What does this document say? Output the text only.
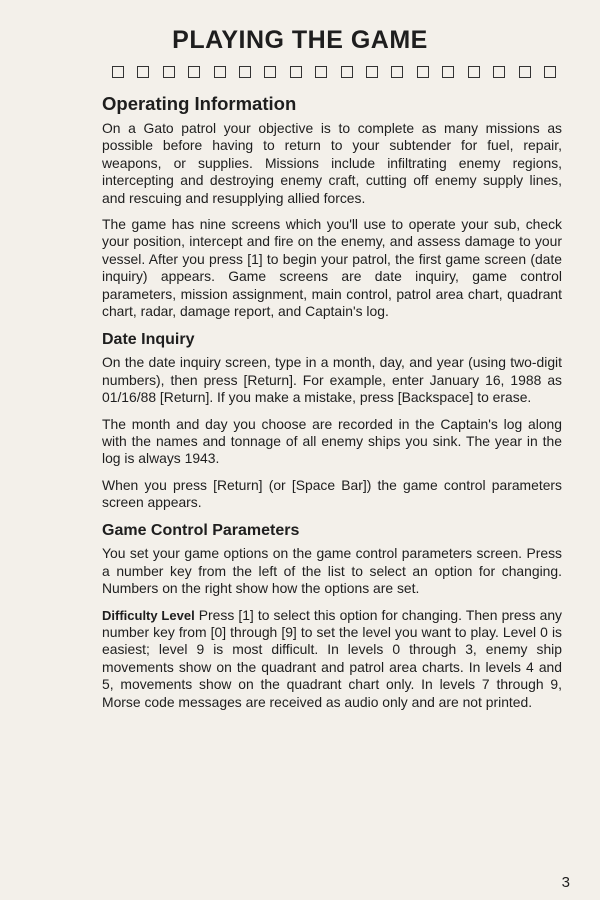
PLAYING THE GAME
Operating Information

On a Gato patrol your objective is to complete as many missions as possible before having to return to your subtender for fuel, repair, weapons, or supplies. Missions include infiltrating enemy regions, intercepting and destroying enemy craft, cutting off enemy supply lines, and rescuing and resupplying allied forces.

The game has nine screens which you'll use to operate your sub, check your position, intercept and fire on the enemy, and assess damage to your vessel. After you press [1] to begin your patrol, the first game screen (date inquiry) appears. Game screens are date inquiry, game control parameters, mission assignment, main control, patrol area chart, quadrant chart, radar, damage report, and Captain's log.

Date Inquiry

On the date inquiry screen, type in a month, day, and year (using two-digit numbers), then press [Return]. For example, enter January 16, 1988 as 01/16/88 [Return]. If you make a mistake, press [Backspace] to erase.

The month and day you choose are recorded in the Captain's log along with the names and tonnage of all enemy ships you sink. The year in the log is always 1943.

When you press [Return] (or [Space Bar]) the game control parameters screen appears.

Game Control Parameters

You set your game options on the game control parameters screen. Press a number key from the left of the list to select an option for changing. Numbers on the right show how the options are set.

Difficulty Level Press [1] to select this option for changing. Then press any number key from [0] through [9] to set the level you want to play. Level 0 is easiest; level 9 is most difficult. In levels 0 through 3, enemy ship movements show on the quadrant and patrol area charts. In levels 4 and 5, movements show on the quadrant chart only. In levels 7 through 9, Morse code messages are received as audio only and are not printed.

3
